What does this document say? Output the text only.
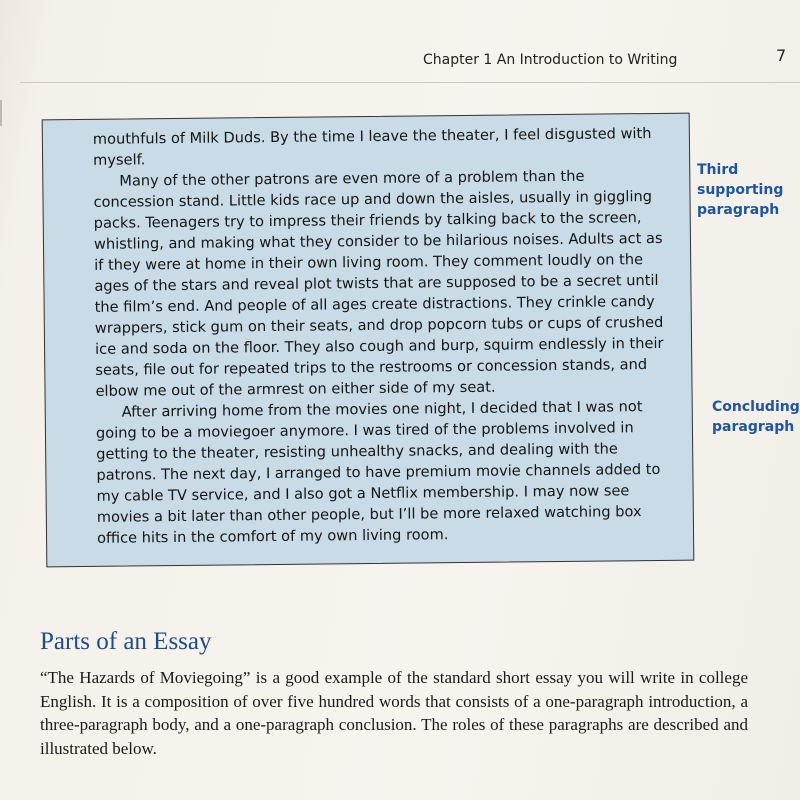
Chapter 1 An Introduction to Writing	7

mouthfuls of Milk Duds. By the time I leave the theater, I feel disgusted with myself.

Many of the other patrons are even more of a problem than the concession stand. Little kids race up and down the aisles, usually in giggling packs. Teenagers try to impress their friends by talking back to the screen, whistling, and making what they consider to be hilarious noises. Adults act as if they were at home in their own living room. They comment loudly on the ages of the stars and reveal plot twists that are supposed to be a secret until the film’s end. And people of all ages create distractions. They crinkle candy wrappers, stick gum on their seats, and drop popcorn tubs or cups of crushed ice and soda on the floor. They also cough and burp, squirm endlessly in their seats, file out for repeated trips to the restrooms or concession stands, and elbow me out of the armrest on either side of my seat.

After arriving home from the movies one night, I decided that I was not going to be a moviegoer anymore. I was tired of the problems involved in getting to the theater, resisting unhealthy snacks, and dealing with the patrons. The next day, I arranged to have premium movie channels added to my cable TV service, and I also got a Netflix membership. I may now see movies a bit later than other people, but I’ll be more relaxed watching box office hits in the comfort of my own living room.

Third supporting paragraph
Concluding paragraph
Parts of an Essay
“The Hazards of Moviegoing” is a good example of the standard short essay you will write in college English. It is a composition of over five hundred words that consists of a one-paragraph introduction, a three-paragraph body, and a one-paragraph conclusion. The roles of these paragraphs are described and illustrated below.
